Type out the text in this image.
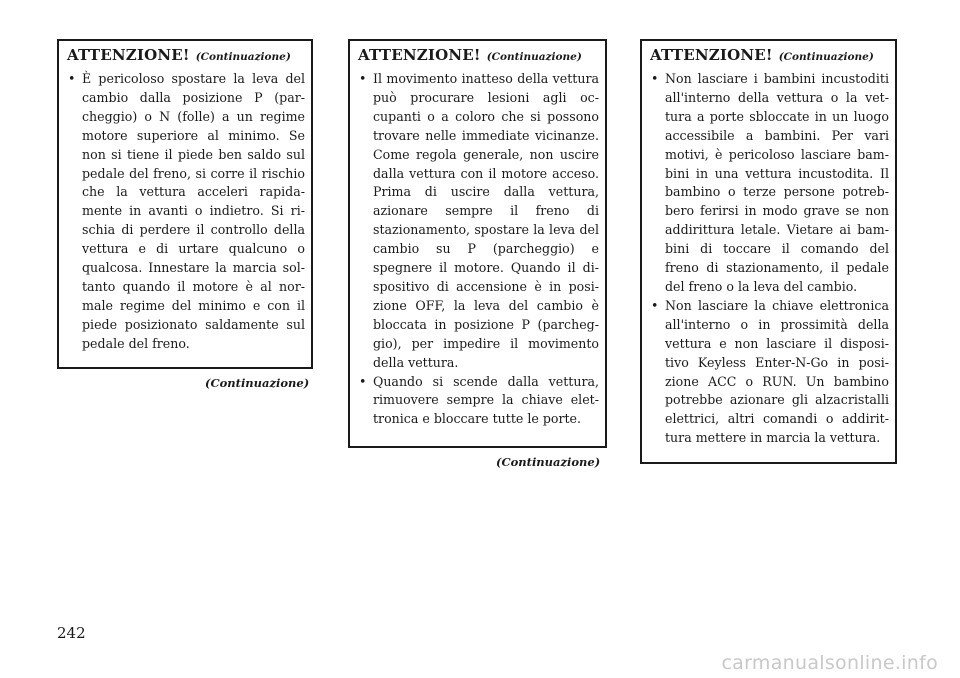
ATTENZIONE! (Continuazione)
• È pericoloso spostare la leva del cambio dalla posizione P (parcheggio) o N (folle) a un regime motore superiore al minimo. Se non si tiene il piede ben saldo sul pedale del freno, si corre il rischio che la vettura acceleri rapidamente in avanti o indietro. Si rischia di perdere il controllo della vettura e di urtare qualcuno o qualcosa. Innestare la marcia soltanto quando il motore è al normale regime del minimo e con il piede posizionato saldamente sul pedale del freno.
(Continuazione)
ATTENZIONE! (Continuazione)
• Il movimento inatteso della vettura può procurare lesioni agli occupanti o a coloro che si possono trovare nelle immediate vicinanze. Come regola generale, non uscire dalla vettura con il motore acceso. Prima di uscire dalla vettura, azionare sempre il freno di stazionamento, spostare la leva del cambio su P (parcheggio) e spegnere il motore. Quando il dispositivo di accensione è in posizione OFF, la leva del cambio è bloccata in posizione P (parcheggio), per impedire il movimento della vettura.
• Quando si scende dalla vettura, rimuovere sempre la chiave elettronica e bloccare tutte le porte.
(Continuazione)
ATTENZIONE! (Continuazione)
• Non lasciare i bambini incustoditi all'interno della vettura o la vettura a porte sbloccate in un luogo accessibile a bambini. Per vari motivi, è pericoloso lasciare bambini in una vettura incustodita. Il bambino o terze persone potrebbero ferirsi in modo grave se non addirittura letale. Vietare ai bambini di toccare il comando del freno di stazionamento, il pedale del freno o la leva del cambio.
• Non lasciare la chiave elettronica all'interno o in prossimità della vettura e non lasciare il dispositivo Keyless Enter-N-Go in posizione ACC o RUN. Un bambino potrebbe azionare gli alzacristalli elettrici, altri comandi o addirittura mettere in marcia la vettura.
242
carmanualsonline.info
